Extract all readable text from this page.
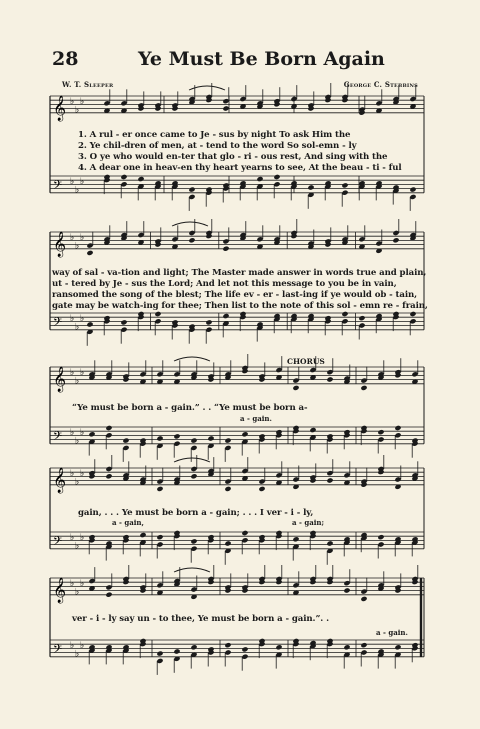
28	Ye Must Be Born Again
W. T. Sleeper	George C. Stebbins
𝄞 ♭
♭
♭
𝄢 ♭
♭
♭
𝄞 ♭
♭
♭
𝄢 ♭
♭
♭
𝄞 ♭
♭
♭
𝄢 ♭
♭
♭
𝄞 ♭
♭
♭
𝄢 ♭
♭
♭
𝄞 ♭
♭
♭
𝄢 ♭
♭
♭
1. A rul - er once came to Je - sus by night To ask Him the
2. Ye chil-dren of men, at - tend to the word So sol-emn - ly
3. O ye who would en-ter that glo - ri - ous rest, And sing with the
4. A dear one in heav-en thy heart yearns to see, At the beau - ti - ful
way of sal - va-tion and light; The Master made answer in words true and plain,
ut - tered by Je - sus the Lord; And let not this message to you be in vain,
ransomed the song of the blest; The life ev - er - last-ing if ye would ob - tain,
gate may be watch-ing for thee; Then list to the note of this sol - emn re - frain,
CHORUS
“Ye must be born a - gain.” . . “Ye must be born a-
a - gain.
gain, . . . Ye must be born a - gain; . . . I ver - i - ly,
a - gain,	a - gain;
ver - i - ly say un - to thee, Ye must be born a - gain.”. .
a - gain.
